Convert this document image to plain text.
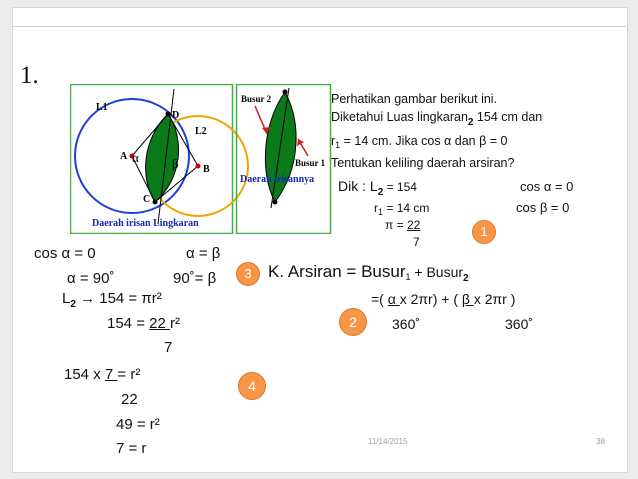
1.
L1
L2
A
B
C
D
α	β
Daerah irisan Lingkaran
Busur 2
Busur 1
Daerah irisannya
Perhatikan gambar berikut ini.
Diketahui Luas lingkaran$_2$ 154 cm dan
$r_1 = 14$ cm. Jika cos α dan β = 0
Tentukan keliling daerah arsiran?
Dik : $L_2 = 154$
$r_1 = 14$ cm
π = 22
7
cos α = 0
cos β = 0
cos α = 0	α = β
α = 90˚	90˚= β
$L_2 \to 154 = \pi r^2$
154 = 22 r²
7
154 x 7 = r²
22
49 = r²
7 = r
K. Arsiran = Busur$_1$ + Busur$_2$
=( α x 2πr) + ( β x 2πr )
360˚	360˚
1
2
3
4
11/14/2015	38
